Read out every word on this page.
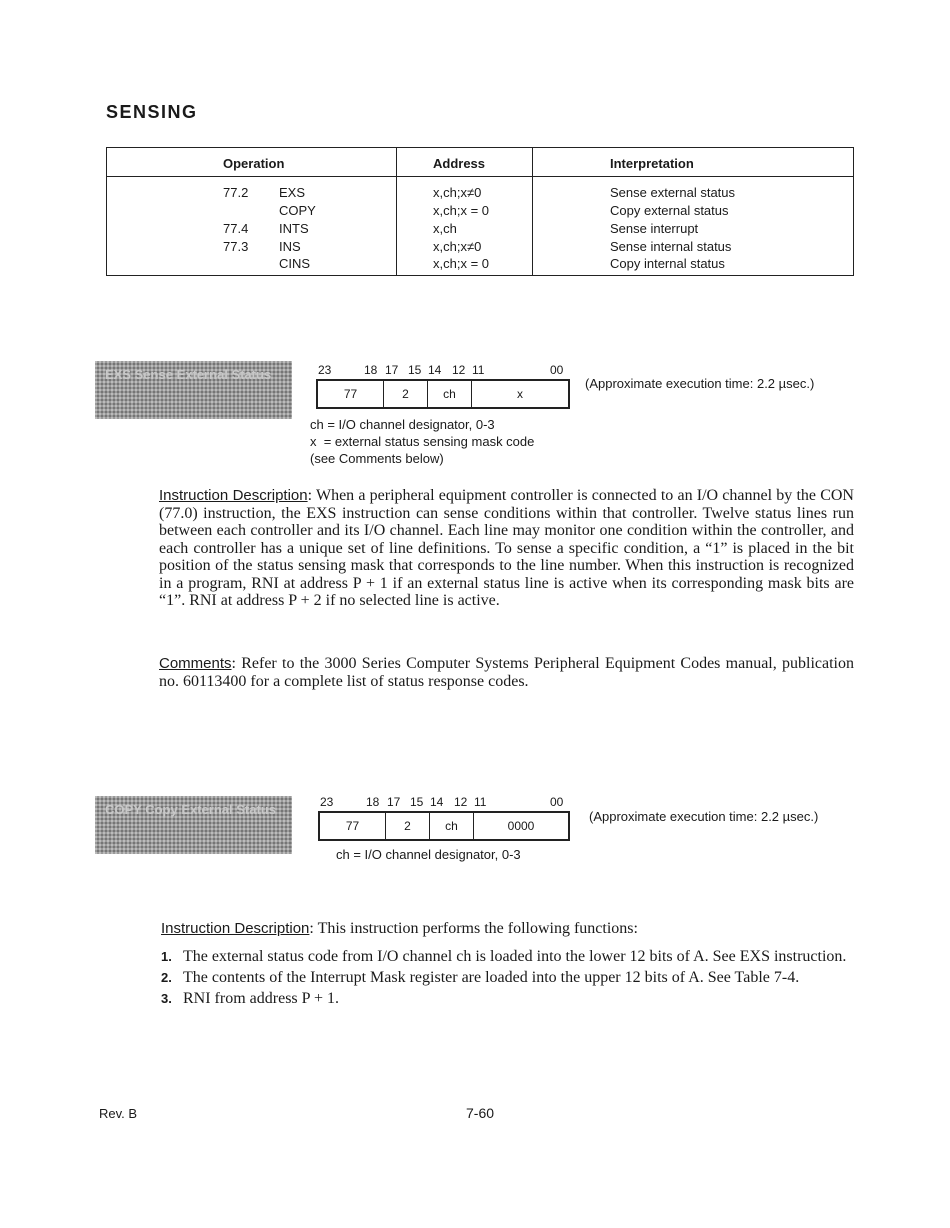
SENSING
Operation	Address	Interpretation
77.2 EXS	x,ch;x≠0	Sense external status
COPY	x,ch;x = 0	Copy external status
77.4 INTS	x,ch	Sense interrupt
77.3 INS	x,ch;x≠0	Sense internal status
CINS	x,ch;x = 0	Copy internal status
EXS Sense External Status	23	18 17 15 14 12 11	00
77	2	ch	x
(Approximate execution time: 2.2 µsec.)
ch = I/O channel designator, 0-3
x  = external status sensing mask code
(see Comments below)
Instruction Description: When a peripheral equipment controller is connected to an I/O channel by the CON (77.0) instruction, the EXS instruction can sense conditions within that controller. Twelve status lines run between each controller and its I/O channel. Each line may monitor one condition within the controller, and each controller has a unique set of line definitions. To sense a specific condition, a “1” is placed in the bit position of the status sensing mask that corresponds to the line number. When this instruction is recognized in a program, RNI at address P + 1 if an external status line is active when its corresponding mask bits are “1”. RNI at address P + 2 if no selected line is active.
Comments: Refer to the 3000 Series Computer Systems Peripheral Equipment Codes manual, publication no. 60113400 for a complete list of status response codes.
COPY Copy External Status	23	18 17 15 14 12 11	00
77	2	ch	0000
(Approximate execution time: 2.2 µsec.)
ch = I/O channel designator, 0-3
Instruction Description: This instruction performs the following functions:
1. The external status code from I/O channel ch is loaded into the lower 12 bits of A. See EXS instruction.
2. The contents of the Interrupt Mask register are loaded into the upper 12 bits of A. See Table 7-4.
3. RNI from address P + 1.
Rev. B	7-60
